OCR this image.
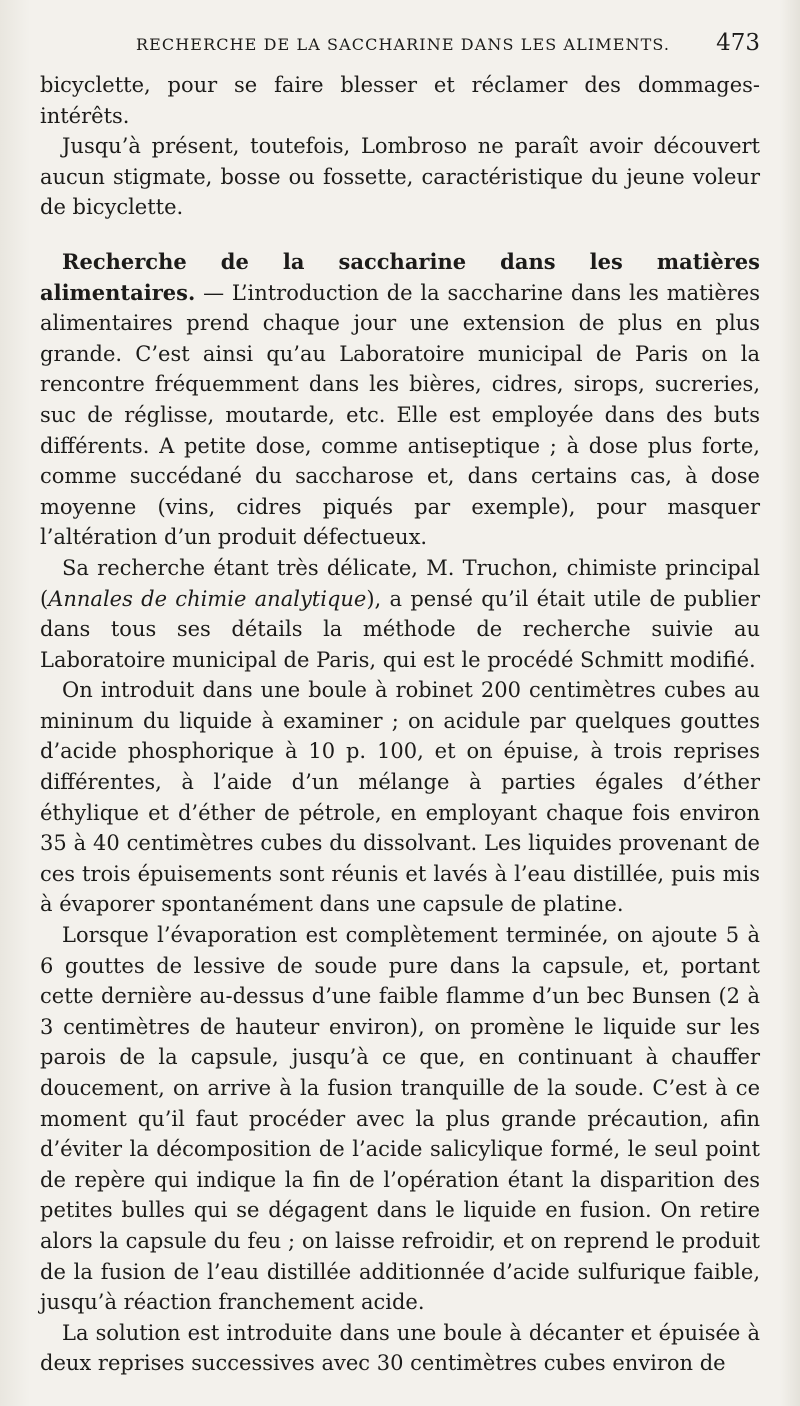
RECHERCHE DE LA SACCHARINE DANS LES ALIMENTS.	473

bicyclette, pour se faire blesser et réclamer des dommages-intérêts.

Jusqu’à présent, toutefois, Lombroso ne paraît avoir découvert aucun stigmate, bosse ou fossette, caractéristique du jeune voleur de bicyclette.

Recherche de la saccharine dans les matières alimentaires. — L’introduction de la saccharine dans les matières alimentaires prend chaque jour une extension de plus en plus grande. C’est ainsi qu’au Laboratoire municipal de Paris on la rencontre fréquemment dans les bières, cidres, sirops, sucreries, suc de réglisse, moutarde, etc. Elle est employée dans des buts différents. A petite dose, comme antiseptique ; à dose plus forte, comme succédané du saccharose et, dans certains cas, à dose moyenne (vins, cidres piqués par exemple), pour masquer l’altération d’un produit défectueux.

Sa recherche étant très délicate, M. Truchon, chimiste principal (Annales de chimie analytique), a pensé qu’il était utile de publier dans tous ses détails la méthode de recherche suivie au Laboratoire municipal de Paris, qui est le procédé Schmitt modifié.

On introduit dans une boule à robinet 200 centimètres cubes au mininum du liquide à examiner ; on acidule par quelques gouttes d’acide phosphorique à 10 p. 100, et on épuise, à trois reprises différentes, à l’aide d’un mélange à parties égales d’éther éthylique et d’éther de pétrole, en employant chaque fois environ 35 à 40 centimètres cubes du dissolvant. Les liquides provenant de ces trois épuisements sont réunis et lavés à l’eau distillée, puis mis à évaporer spontanément dans une capsule de platine.

Lorsque l’évaporation est complètement terminée, on ajoute 5 à 6 gouttes de lessive de soude pure dans la capsule, et, portant cette dernière au-dessus d’une faible flamme d’un bec Bunsen (2 à 3 centimètres de hauteur environ), on promène le liquide sur les parois de la capsule, jusqu’à ce que, en continuant à chauffer doucement, on arrive à la fusion tranquille de la soude. C’est à ce moment qu’il faut procéder avec la plus grande précaution, afin d’éviter la décomposition de l’acide salicylique formé, le seul point de repère qui indique la fin de l’opération étant la disparition des petites bulles qui se dégagent dans le liquide en fusion. On retire alors la capsule du feu ; on laisse refroidir, et on reprend le produit de la fusion de l’eau distillée additionnée d’acide sulfurique faible, jusqu’à réaction franchement acide.

La solution est introduite dans une boule à décanter et épuisée à deux reprises successives avec 30 centimètres cubes environ de
